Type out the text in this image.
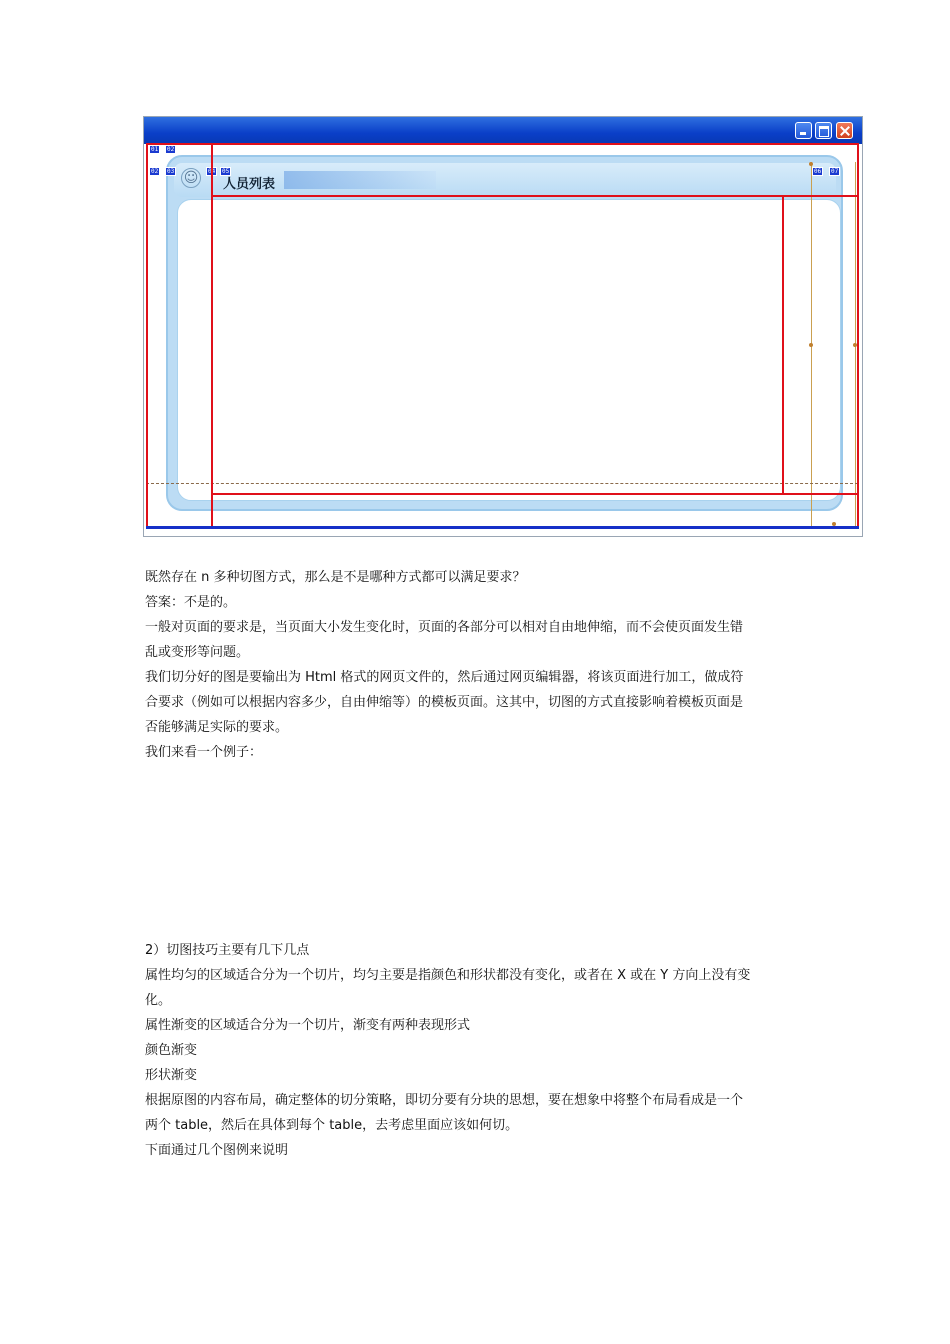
☺ 人员列表
01	02
02	03	04	05	06	07
既然存在 n 多种切图方式，那么是不是哪种方式都可以满足要求？
答案：不是的。
一般对页面的要求是，当页面大小发生变化时，页面的各部分可以相对自由地伸缩，而不会使页面发生错
乱或变形等问题。
我们切分好的图是要输出为 Html 格式的网页文件的，然后通过网页编辑器，将该页面进行加工，做成符
合要求（例如可以根据内容多少，自由伸缩等）的模板页面。这其中，切图的方式直接影响着模板页面是
否能够满足实际的要求。
我们来看一个例子：
2）切图技巧主要有几下几点
属性均匀的区域适合分为一个切片，均匀主要是指颜色和形状都没有变化，或者在 X 或在 Y 方向上没有变
化。
属性渐变的区域适合分为一个切片，渐变有两种表现形式
颜色渐变
形状渐变
根据原图的内容布局，确定整体的切分策略，即切分要有分块的思想，要在想象中将整个布局看成是一个
两个 table，然后在具体到每个 table，去考虑里面应该如何切。
下面通过几个图例来说明
